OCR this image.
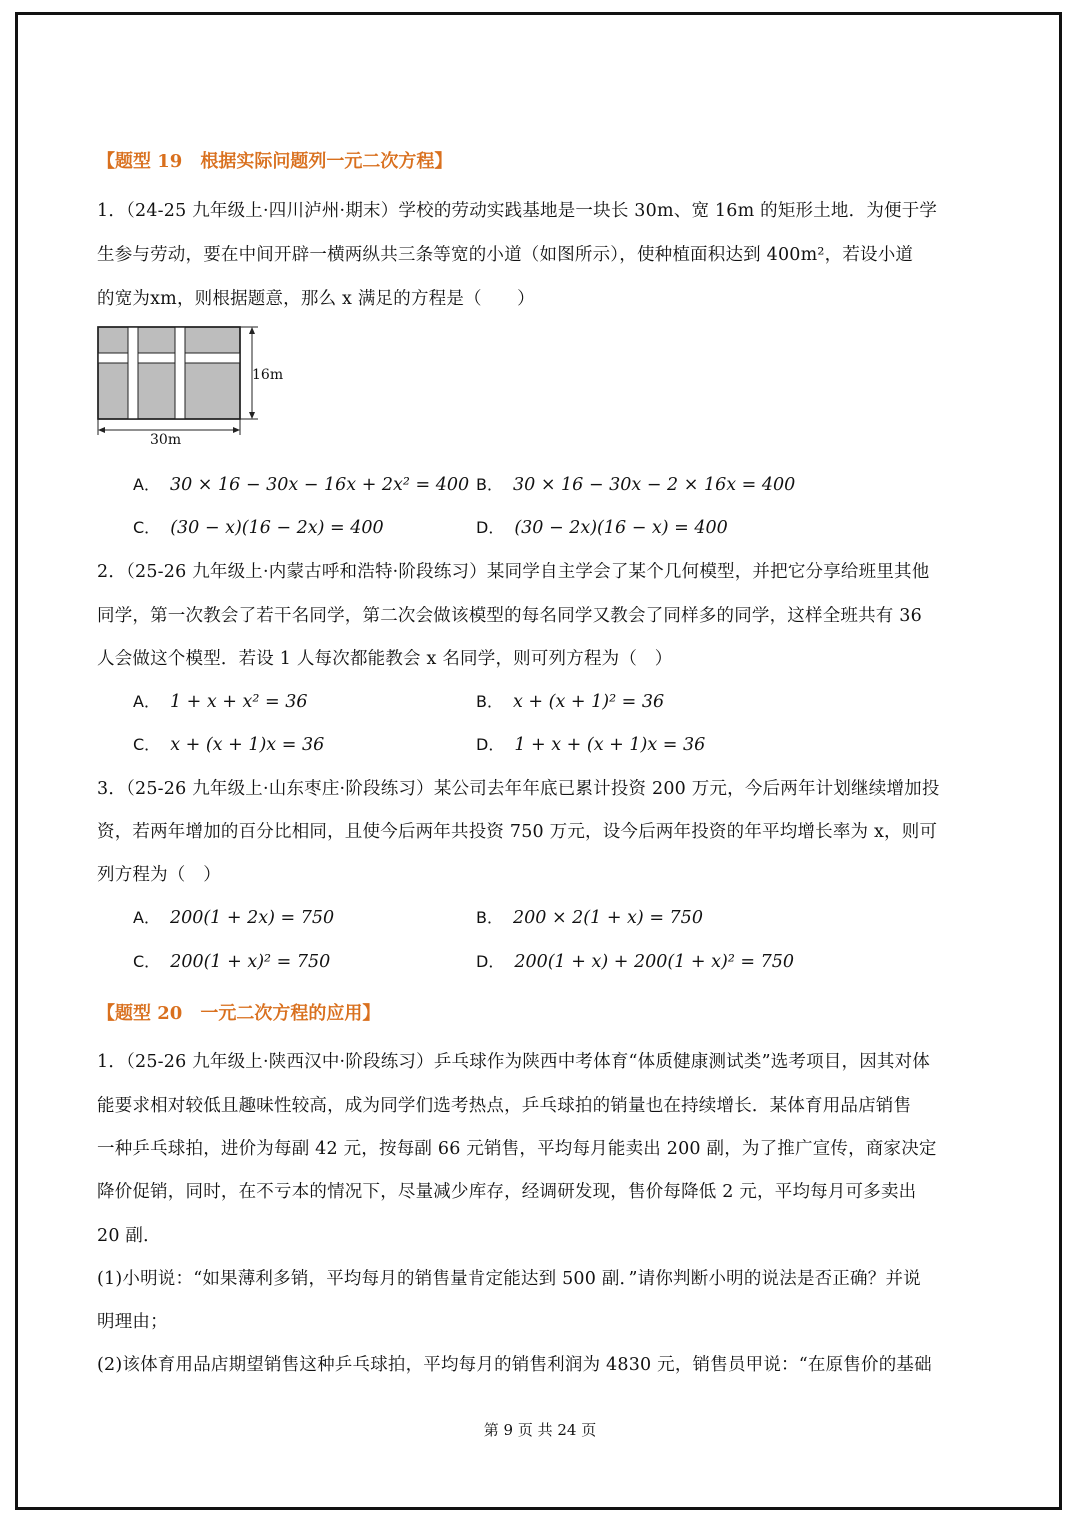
【题型 19　根据实际问题列一元二次方程】
1．（24-25 九年级上·四川泸州·期末）学校的劳动实践基地是一块长 30m、宽 16m 的矩形土地．为便于学
生参与劳动，要在中间开辟一横两纵共三条等宽的小道（如图所示），使种植面积达到 400m²，若设小道
的宽为xm，则根据题意，那么 x 满足的方程是（　　）
16m
30m
A． 30 × 16 − 30x − 16x + 2x² = 400 B． 30 × 16 − 30x − 2 × 16x = 400
C． (30 − x)(16 − 2x) = 400	D． (30 − 2x)(16 − x) = 400
2．（25-26 九年级上·内蒙古呼和浩特·阶段练习）某同学自主学会了某个几何模型，并把它分享给班里其他
同学，第一次教会了若干名同学，第二次会做该模型的每名同学又教会了同样多的同学，这样全班共有 36
人会做这个模型．若设 1 人每次都能教会 x 名同学，则可列方程为（　）
A． 1 + x + x² = 36	B． x + (x + 1)² = 36
C． x + (x + 1)x = 36	D． 1 + x + (x + 1)x = 36
3．（25-26 九年级上·山东枣庄·阶段练习）某公司去年年底已累计投资 200 万元，今后两年计划继续增加投
资，若两年增加的百分比相同，且使今后两年共投资 750 万元，设今后两年投资的年平均增长率为 x，则可
列方程为（　）
A． 200(1 + 2x) = 750	B． 200 × 2(1 + x) = 750
C． 200(1 + x)² = 750	D． 200(1 + x) + 200(1 + x)² = 750
【题型 20　一元二次方程的应用】
1．（25-26 九年级上·陕西汉中·阶段练习）乒乓球作为陕西中考体育“体质健康测试类”选考项目，因其对体
能要求相对较低且趣味性较高，成为同学们选考热点，乒乓球拍的销量也在持续增长．某体育用品店销售
一种乒乓球拍，进价为每副 42 元，按每副 66 元销售，平均每月能卖出 200 副，为了推广宣传，商家决定
降价促销，同时，在不亏本的情况下，尽量减少库存，经调研发现，售价每降低 2 元，平均每月可多卖出
20 副．
(1)小明说：“如果薄利多销，平均每月的销售量肯定能达到 500 副．”请你判断小明的说法是否正确？并说
明理由；
(2)该体育用品店期望销售这种乒乓球拍，平均每月的销售利润为 4830 元，销售员甲说：“在原售价的基础
第 9 页 共 24 页
